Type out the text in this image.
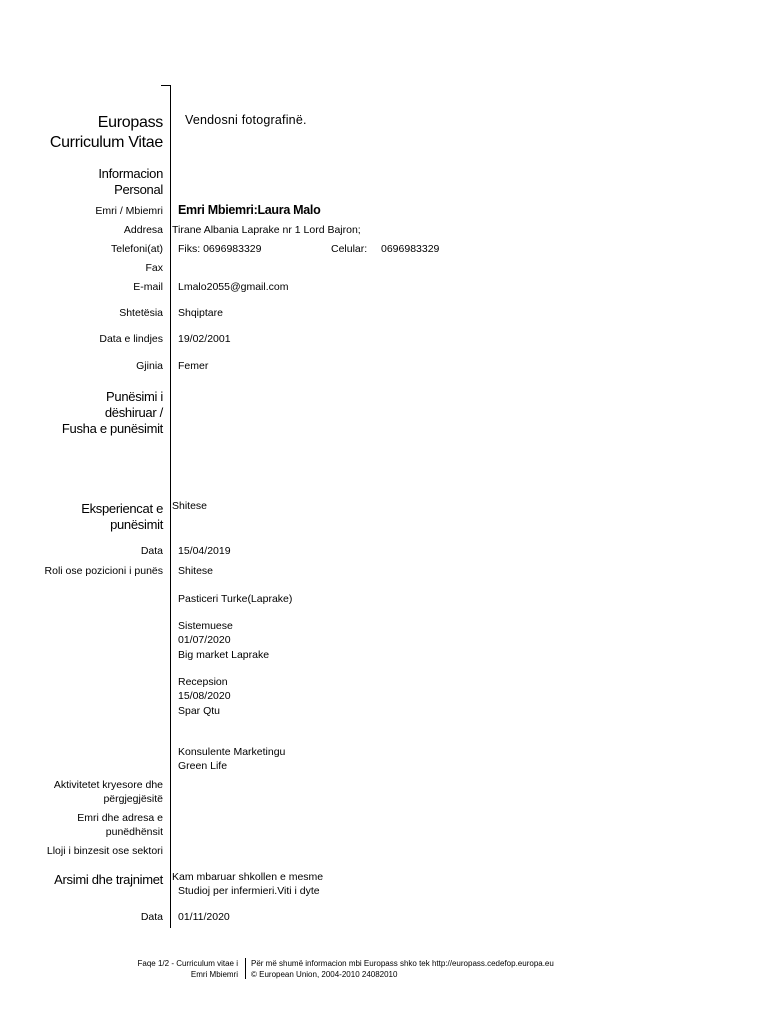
Europass
Curriculum Vitae
Vendosni fotografinë.
Informacion
Personal
Emri / Mbiemri Emri Mbiemri:Laura Malo
Addresa Tirane Albania Laprake nr 1 Lord Bajron;
Telefoni(at) Fiks: 0696983329	Celular: 0696983329
Fax
E-mail Lmalo2055@gmail.com
Shtetësia Shqiptare
Data e lindjes 19/02/2001
Gjinia Femer
Punësimi i
dëshiruar /
Fusha e punësimit
Eksperiencat e
punësimit
Shitese
Data 15/04/2019
Roli ose pozicioni i punës Shitese
Pasticeri Turke(Laprake)
Sistemuese
01/07/2020
Big market Laprake
Recepsion
15/08/2020
Spar Qtu
Konsulente Marketingu
Green Life
Aktivitetet kryesore dhe
përgjegjësitë
Emri dhe adresa e
punëdhënsit
Lloji i binzesit ose sektori
Arsimi dhe trajnimet Kam mbaruar shkollen e mesme
Studioj per infermieri.Viti i dyte
Data 01/11/2020
Faqe 1/2 - Curriculum vitae i
Emri Mbiemri
Për më shumë informacion mbi Europass shko tek http://europass.cedefop.europa.eu
© European Union, 2004-2010 24082010
